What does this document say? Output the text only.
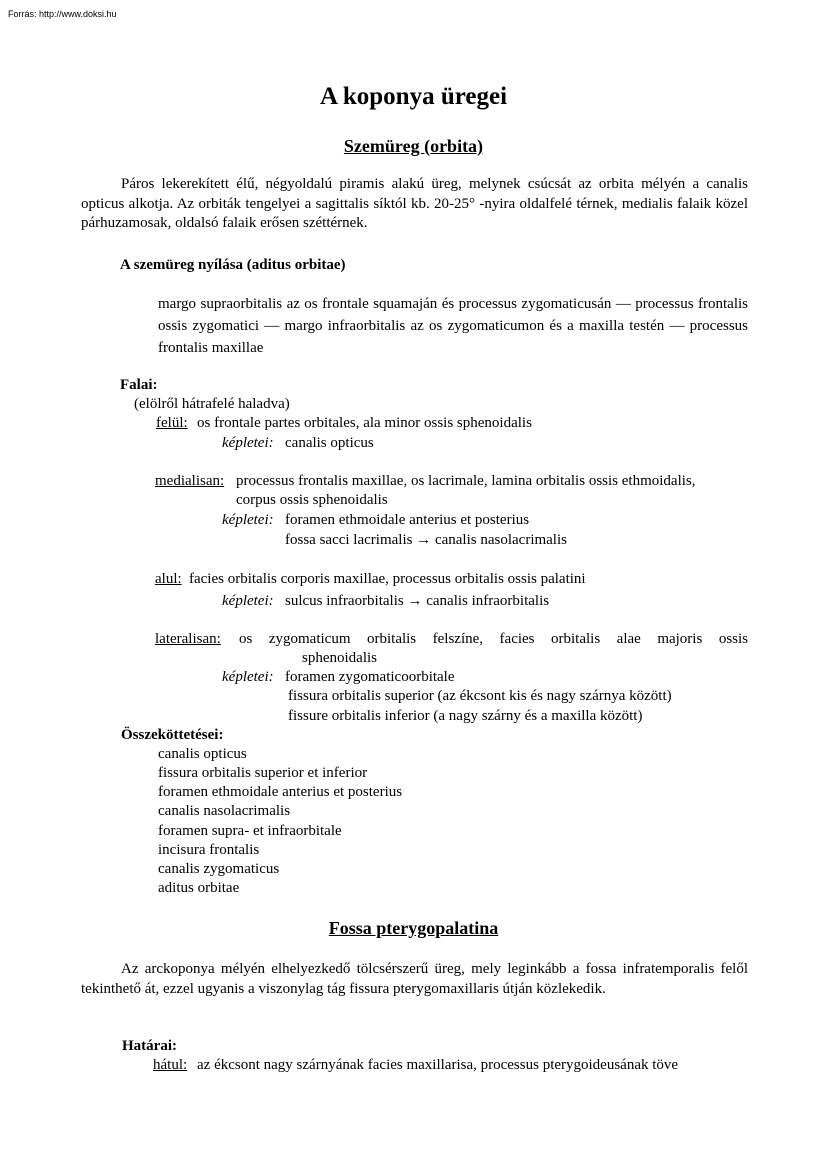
Forrás: http://www.doksi.hu
A koponya üregei
Szemüreg (orbita)
Páros lekerekített élű, négyoldalú piramis alakú üreg, melynek csúcsát az orbita mélyén a canalis opticus alkotja. Az orbiták tengelyei a sagittalis síktól kb. 20-25° -nyira oldalfelé térnek, medialis falaik közel párhuzamosak, oldalsó falaik erősen széttérnek.
A szemüreg nyílása (aditus orbitae)
margo supraorbitalis az os frontale squamaján és processus zygomaticusán — processus frontalis ossis zygomatici — margo infraorbitalis az os zygomaticumon és a maxilla testén — processus frontalis maxillae
Falai:
(elölről hátrafelé haladva)
felül: os frontale partes orbitales, ala minor ossis sphenoidalis
képletei: canalis opticus
medialisan: processus frontalis maxillae, os lacrimale, lamina orbitalis ossis ethmoidalis,
corpus ossis sphenoidalis
képletei: foramen ethmoidale anterius et posterius
fossa sacci lacrimalis → canalis nasolacrimalis
alul: facies orbitalis corporis maxillae, processus orbitalis ossis palatini
képletei: sulcus infraorbitalis → canalis infraorbitalis
lateralisan: os zygomaticum orbitalis felszíne, facies orbitalis alae majoris ossis
sphenoidalis
képletei: foramen zygomaticoorbitale
fissura orbitalis superior (az ékcsont kis és nagy szárnya között)
fissure orbitalis inferior (a nagy szárny és a maxilla között)
Összeköttetései:
canalis opticus
fissura orbitalis superior et inferior
foramen ethmoidale anterius et posterius
canalis nasolacrimalis
foramen supra- et infraorbitale
incisura frontalis
canalis zygomaticus
aditus orbitae
Fossa pterygopalatina
Az arckoponya mélyén elhelyezkedő tölcsérszerű üreg, mely leginkább a fossa infratemporalis felől tekinthető át, ezzel ugyanis a viszonylag tág fissura pterygomaxillaris útján közlekedik.
Határai:
hátul: az ékcsont nagy szárnyának facies maxillarisa, processus pterygoideusának töve
